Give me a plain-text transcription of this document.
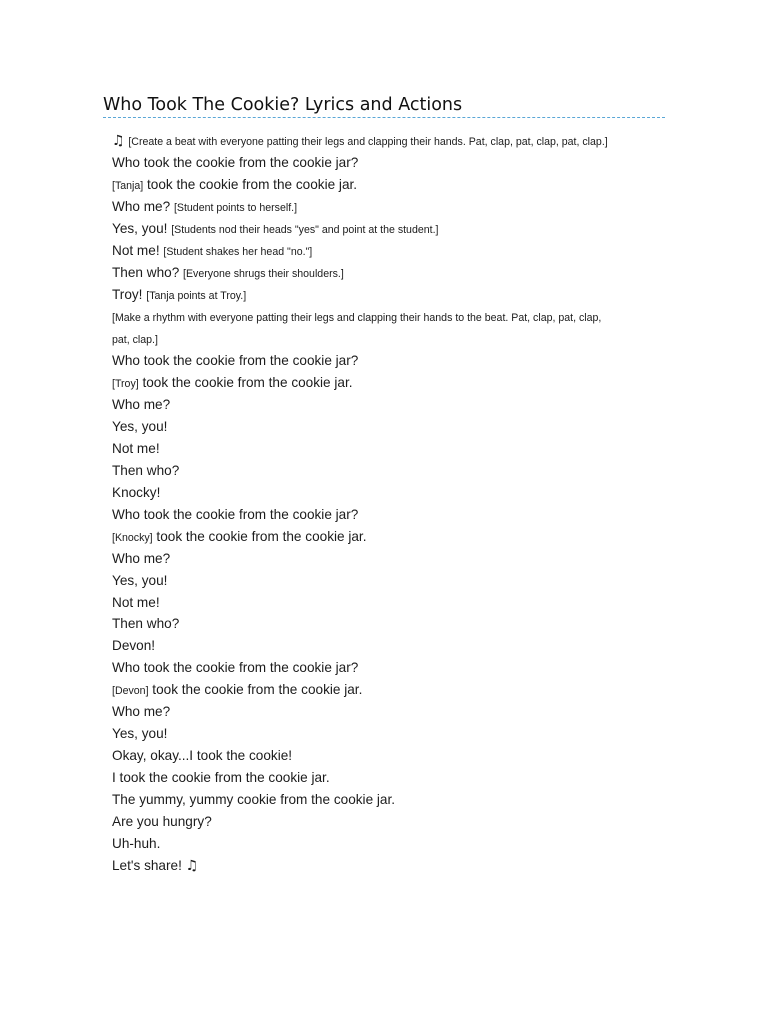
Who Took The Cookie? Lyrics and Actions
♫ [Create a beat with everyone patting their legs and clapping their hands. Pat, clap, pat, clap, pat, clap.]
Who took the cookie from the cookie jar?
[Tanja] took the cookie from the cookie jar.
Who me? [Student points to herself.]
Yes, you! [Students nod their heads "yes" and point at the student.]
Not me! [Student shakes her head "no."]
Then who? [Everyone shrugs their shoulders.]
Troy! [Tanja points at Troy.]
[Make a rhythm with everyone patting their legs and clapping their hands to the beat. Pat, clap, pat, clap,
pat, clap.]
Who took the cookie from the cookie jar?
[Troy] took the cookie from the cookie jar.
Who me?
Yes, you!
Not me!
Then who?
Knocky!
Who took the cookie from the cookie jar?
[Knocky] took the cookie from the cookie jar.
Who me?
Yes, you!
Not me!
Then who?
Devon!
Who took the cookie from the cookie jar?
[Devon] took the cookie from the cookie jar.
Who me?
Yes, you!
Okay, okay...I took the cookie!
I took the cookie from the cookie jar.
The yummy, yummy cookie from the cookie jar.
Are you hungry?
Uh-huh.
Let's share! ♫
